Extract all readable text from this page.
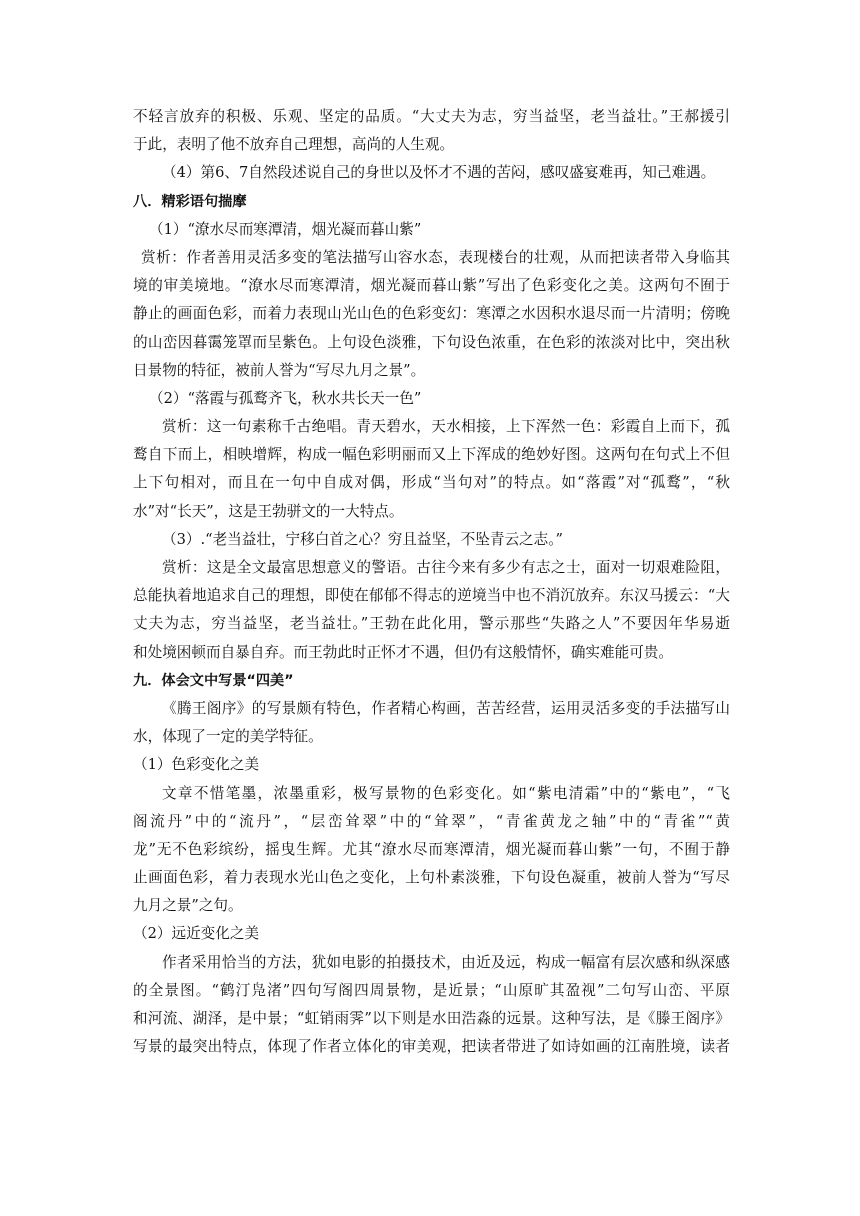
不轻言放弃的积极、乐观、坚定的品质。“大丈夫为志，穷当益坚，老当益壮。”王郝援引
于此，表明了他不放弃自己理想，高尚的人生观。
（4）第6、7自然段述说自己的身世以及怀才不遇的苦闷，感叹盛宴难再，知己难遇。
八．精彩语句揣摩
（1）“潦水尽而寒潭清，烟光凝而暮山紫”
赏析：作者善用灵活多变的笔法描写山容水态，表现楼台的壮观，从而把读者带入身临其
境的审美境地。“潦水尽而寒潭清，烟光凝而暮山紫”写出了色彩变化之美。这两句不囿于
静止的画面色彩，而着力表现山光山色的色彩变幻：寒潭之水因积水退尽而一片清明；傍晚
的山峦因暮霭笼罩而呈紫色。上句设色淡雅，下句设色浓重，在色彩的浓淡对比中，突出秋
日景物的特征，被前人誉为“写尽九月之景”。
（2）“落霞与孤鹜齐飞，秋水共长天一色”
赏析：这一句素称千古绝唱。青天碧水，天水相接，上下浑然一色：彩霞自上而下，孤
鹜自下而上，相映增辉，构成一幅色彩明丽而又上下浑成的绝妙好图。这两句在句式上不但
上下句相对，而且在一句中自成对偶，形成“当句对”的特点。如“落霞”对“孤鹜”，“秋
水”对“长天”，这是王勃骈文的一大特点。
（3）.“老当益壮，宁移白首之心？穷且益坚，不坠青云之志。”
赏析：这是全文最富思想意义的警语。古往今来有多少有志之士，面对一切艰难险阻，
总能执着地追求自己的理想，即使在郁郁不得志的逆境当中也不消沉放弃。东汉马援云：“大
丈夫为志，穷当益坚，老当益壮。”王勃在此化用，警示那些“失路之人”不要因年华易逝
和处境困顿而自暴自弃。而王勃此时正怀才不遇，但仍有这般情怀，确实难能可贵。
九．体会文中写景“四美”
《腾王阁序》的写景颇有特色，作者精心构画，苦苦经营，运用灵活多变的手法描写山
水，体现了一定的美学特征。
（1）色彩变化之美
文章不惜笔墨，浓墨重彩，极写景物的色彩变化。如“紫电清霜”中的“紫电”，“飞
阁流丹”中的“流丹”，“层峦耸翠”中的“耸翠”，“青雀黄龙之轴”中的“青雀”“黄
龙”无不色彩缤纷，摇曳生辉。尤其“潦水尽而寒潭清，烟光凝而暮山紫”一句，不囿于静
止画面色彩，着力表现水光山色之变化，上句朴素淡雅，下句设色凝重，被前人誉为“写尽
九月之景”之句。
（2）远近变化之美
作者采用恰当的方法，犹如电影的拍摄技术，由近及远，构成一幅富有层次感和纵深感
的全景图。“鹤汀凫渚”四句写阁四周景物，是近景；“山原旷其盈视”二句写山峦、平原
和河流、湖泽，是中景；“虹销雨霁”以下则是水田浩淼的远景。这种写法，是《滕王阁序》
写景的最突出特点，体现了作者立体化的审美观，把读者带进了如诗如画的江南胜境，读者
